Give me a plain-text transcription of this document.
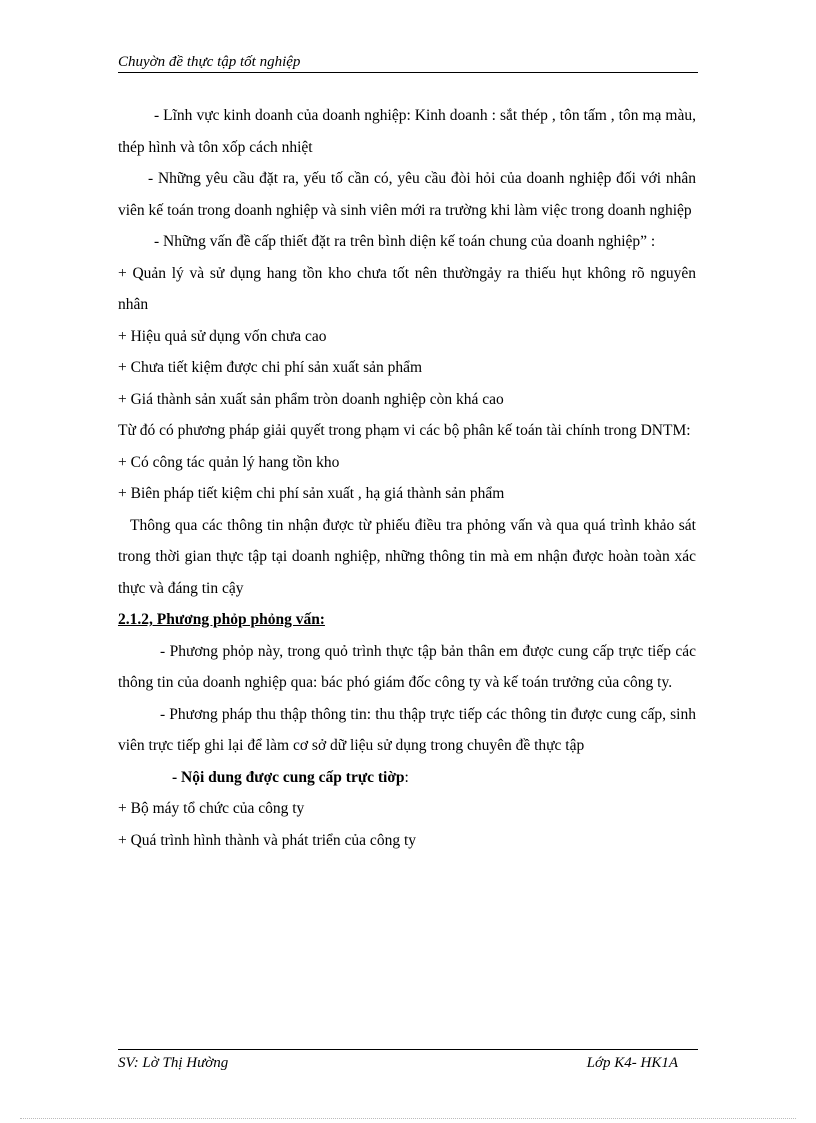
Chuyờn đề thực tập tốt nghiệp

- Lĩnh vực kinh doanh của doanh nghiệp: Kinh doanh : sắt thép , tôn tấm , tôn mạ màu, thép hình và tôn xốp cách nhiệt

- Những yêu cầu đặt ra, yếu tố cần có, yêu cầu đòi hỏi của doanh nghiệp đối với nhân viên kế toán trong doanh nghiệp và sinh viên mới ra trường khi làm việc trong doanh nghiệp

- Những vấn đề cấp thiết đặt ra trên bình diện kế toán chung của doanh nghiệp” :

+ Quản lý và sử dụng hang tồn kho chưa tốt nên thườngảy ra thiếu hụt không rõ nguyên nhân

+ Hiệu quả sử dụng vốn chưa cao

+ Chưa tiết kiệm được chi phí sản xuất sản phẩm

+ Giá thành sản xuất sản phẩm tròn doanh nghiệp còn khá cao

Từ đó có phương pháp giải quyết trong phạm vi các bộ phân kế toán tài chính trong DNTM:

+ Có công tác quản lý hang tồn kho

+ Biên pháp tiết kiệm chi phí sản xuất , hạ giá thành sản phẩm

Thông qua các thông tin nhận được từ phiếu điều tra phỏng vấn và qua quá trình khảo sát trong thời gian thực tập tại doanh nghiệp, những thông tin mà em nhận được hoàn toàn xác thực và đáng tin cậy

2.1.2, Phương phỏp phỏng vấn:

- Phương phỏp này, trong quỏ trình thực tập bản thân em được cung cấp trực tiếp các thông tin của doanh nghiệp qua: bác phó giám đốc công ty và kế toán trưởng của công ty.

- Phương pháp thu thập thông tin: thu thập trực tiếp các thông tin được cung cấp, sinh viên trực tiếp ghi lại để làm cơ sở dữ liệu sử dụng trong chuyên đề thực tập

- Nội dung được cung cấp trực tiờp:

+ Bộ máy tổ chức của công ty

+ Quá trình hình thành và phát triển của công ty

SV: Lờ Thị Hường	Lớp K4- HK1A
